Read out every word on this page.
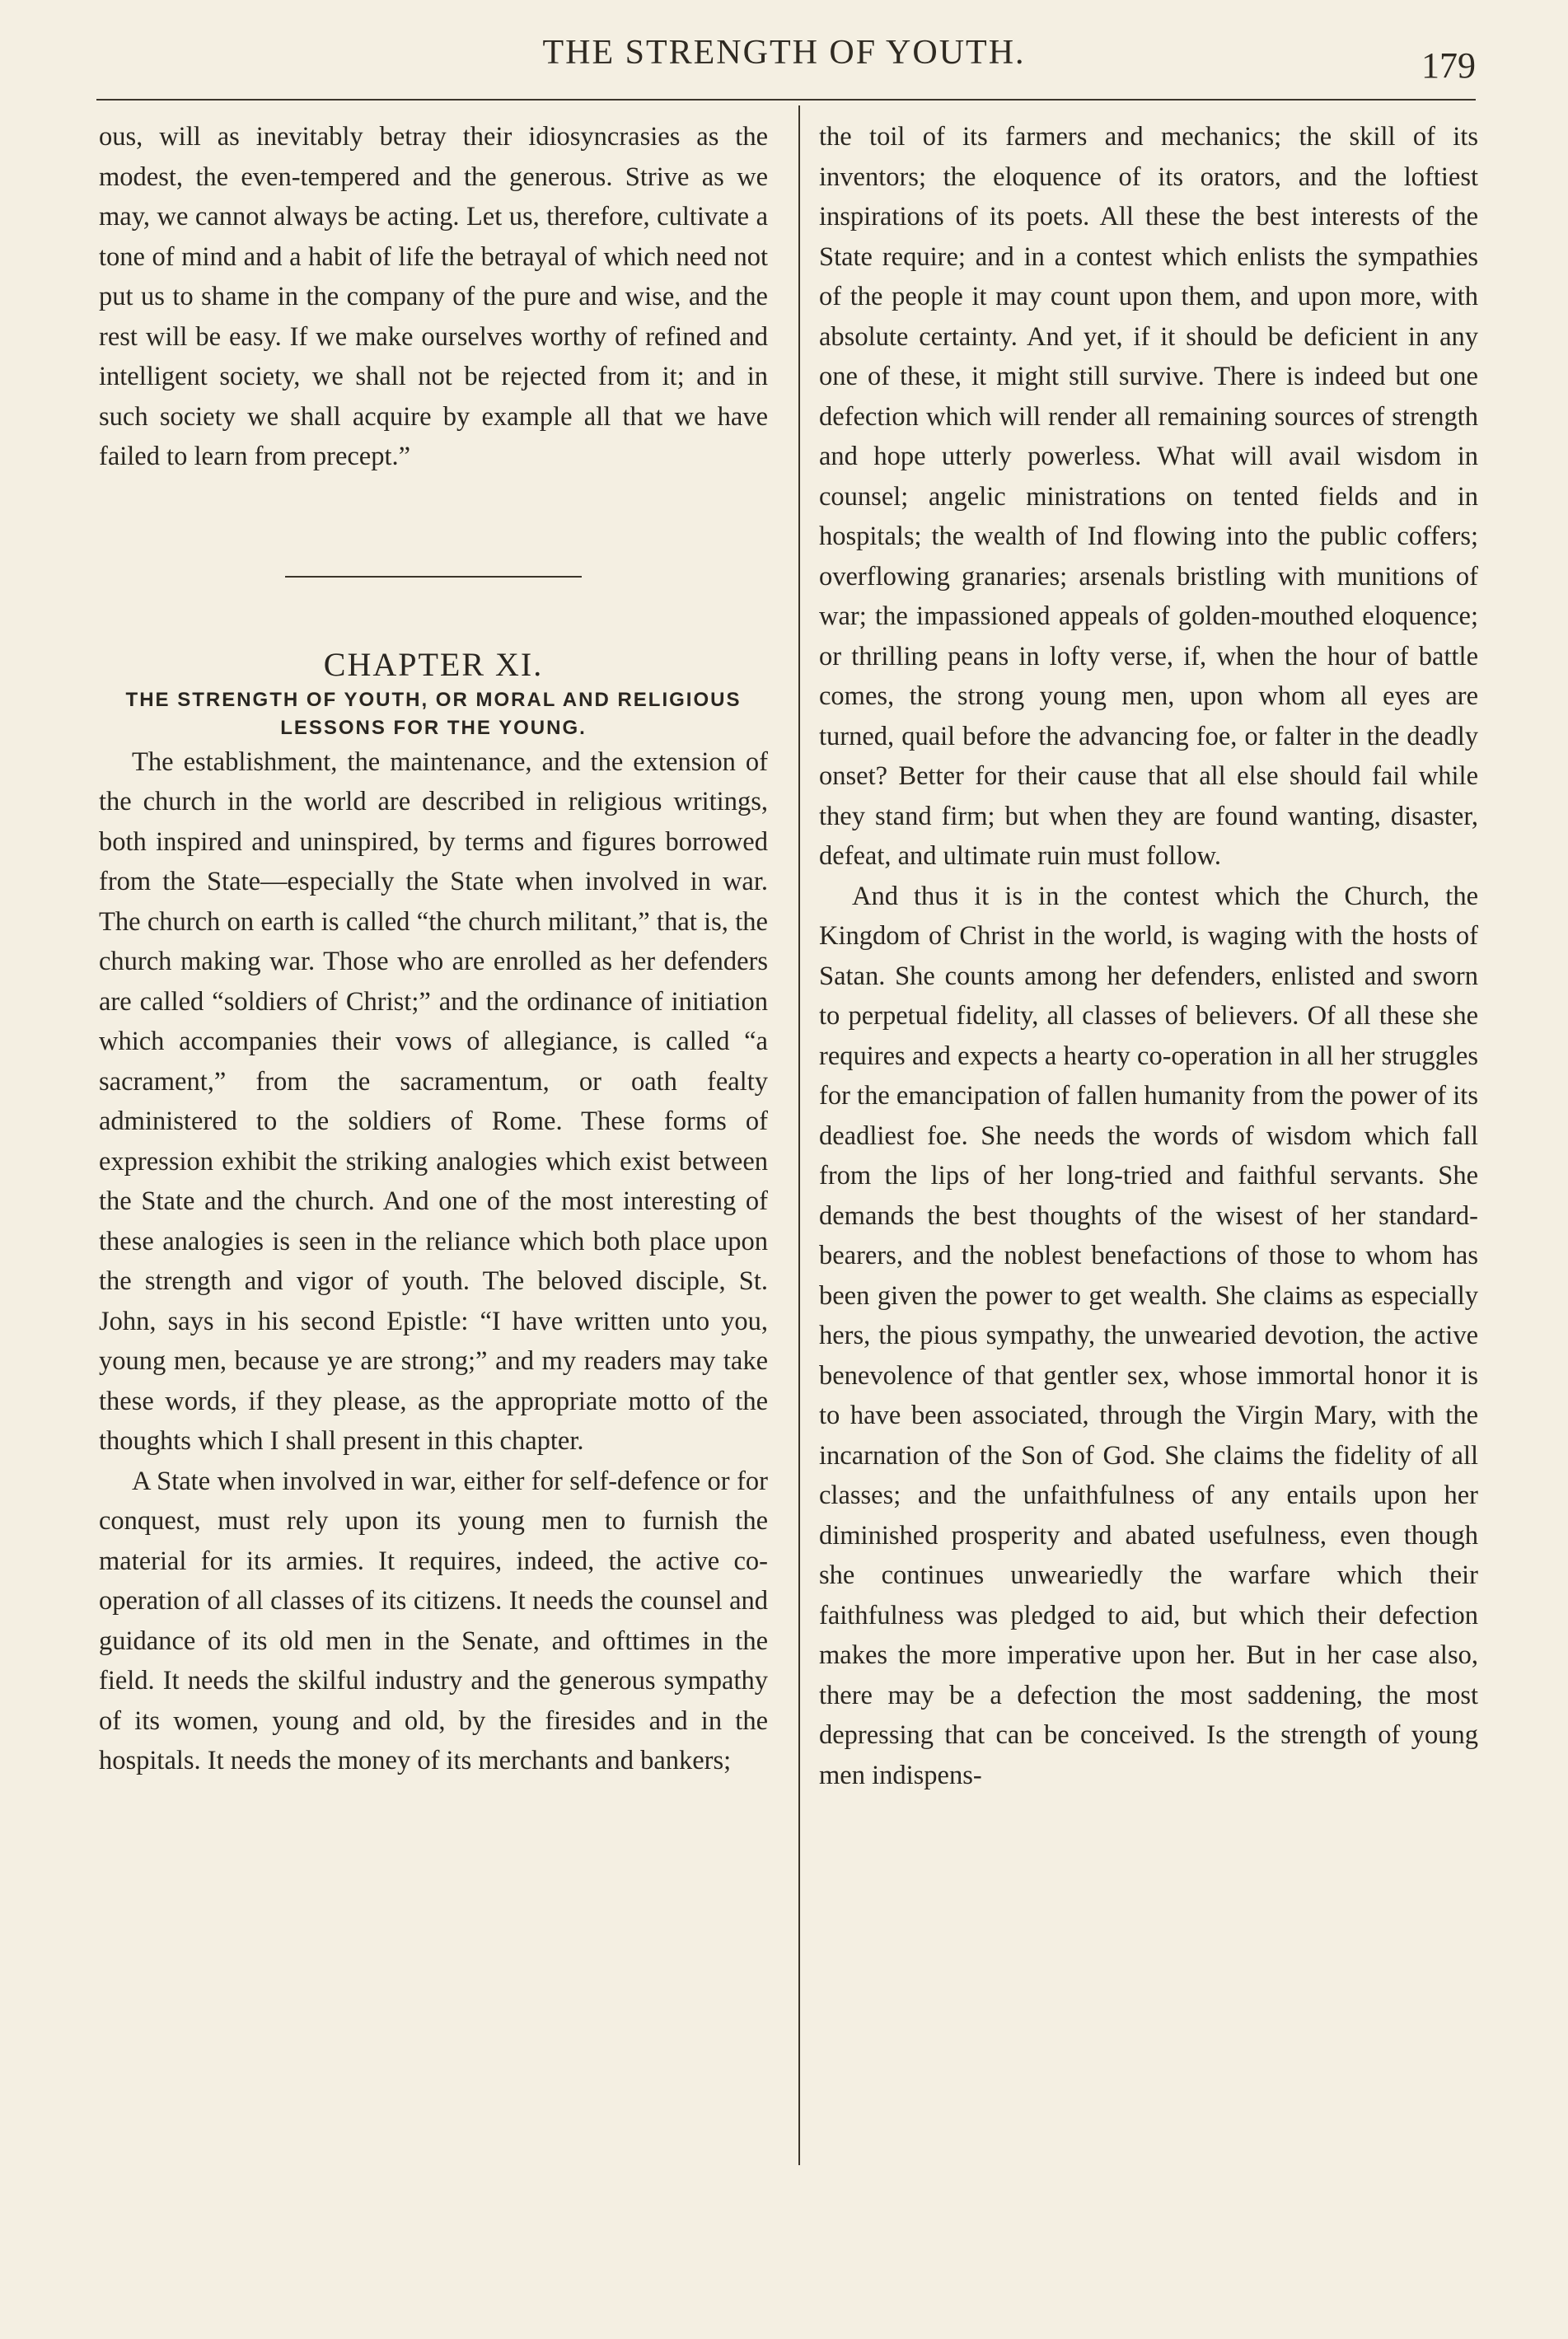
THE STRENGTH OF YOUTH.	179

ous, will as inevitably betray their idiosyncrasies as the modest, the even-tempered and the generous. Strive as we may, we cannot always be acting. Let us, therefore, cultivate a tone of mind and a habit of life the betrayal of which need not put us to shame in the company of the pure and wise, and the rest will be easy. If we make ourselves worthy of refined and intelligent society, we shall not be rejected from it; and in such society we shall acquire by example all that we have failed to learn from precept.”

CHAPTER XI.

THE STRENGTH OF YOUTH, OR MORAL AND RELIGIOUS LESSONS FOR THE YOUNG.

The establishment, the maintenance, and the extension of the church in the world are described in religious writings, both inspired and uninspired, by terms and figures borrowed from the State—especially the State when involved in war. The church on earth is called “the church militant,” that is, the church making war. Those who are enrolled as her defenders are called “soldiers of Christ;” and the ordinance of initiation which accompanies their vows of allegiance, is called “a sacrament,” from the sacramentum, or oath fealty administered to the soldiers of Rome. These forms of expression exhibit the striking analogies which exist between the State and the church. And one of the most interesting of these analogies is seen in the reliance which both place upon the strength and vigor of youth. The beloved disciple, St. John, says in his second Epistle: “I have written unto you, young men, because ye are strong;” and my readers may take these words, if they please, as the appropriate motto of the thoughts which I shall present in this chapter.

A State when involved in war, either for self-defence or for conquest, must rely upon its young men to furnish the material for its armies. It requires, indeed, the active co-operation of all classes of its citizens. It needs the counsel and guidance of its old men in the Senate, and ofttimes in the field. It needs the skilful industry and the generous sympathy of its women, young and old, by the firesides and in the hospitals. It needs the money of its merchants and bankers;

the toil of its farmers and mechanics; the skill of its inventors; the eloquence of its orators, and the loftiest inspirations of its poets. All these the best interests of the State require; and in a contest which enlists the sympathies of the people it may count upon them, and upon more, with absolute certainty. And yet, if it should be deficient in any one of these, it might still survive. There is indeed but one defection which will render all remaining sources of strength and hope utterly powerless. What will avail wisdom in counsel; angelic ministrations on tented fields and in hospitals; the wealth of Ind flowing into the public coffers; overflowing granaries; arsenals bristling with munitions of war; the impassioned appeals of golden-mouthed eloquence; or thrilling peans in lofty verse, if, when the hour of battle comes, the strong young men, upon whom all eyes are turned, quail before the advancing foe, or falter in the deadly onset? Better for their cause that all else should fail while they stand firm; but when they are found wanting, disaster, defeat, and ultimate ruin must follow.

And thus it is in the contest which the Church, the Kingdom of Christ in the world, is waging with the hosts of Satan. She counts among her defenders, enlisted and sworn to perpetual fidelity, all classes of believers. Of all these she requires and expects a hearty co-operation in all her struggles for the emancipation of fallen humanity from the power of its deadliest foe. She needs the words of wisdom which fall from the lips of her long-tried and faithful servants. She demands the best thoughts of the wisest of her standard-bearers, and the noblest benefactions of those to whom has been given the power to get wealth. She claims as especially hers, the pious sympathy, the unwearied devotion, the active benevolence of that gentler sex, whose immortal honor it is to have been associated, through the Virgin Mary, with the incarnation of the Son of God. She claims the fidelity of all classes; and the unfaithfulness of any entails upon her diminished prosperity and abated usefulness, even though she continues unweariedly the warfare which their faithfulness was pledged to aid, but which their defection makes the more imperative upon her. But in her case also, there may be a defection the most saddening, the most depressing that can be conceived. Is the strength of young men indispens-
